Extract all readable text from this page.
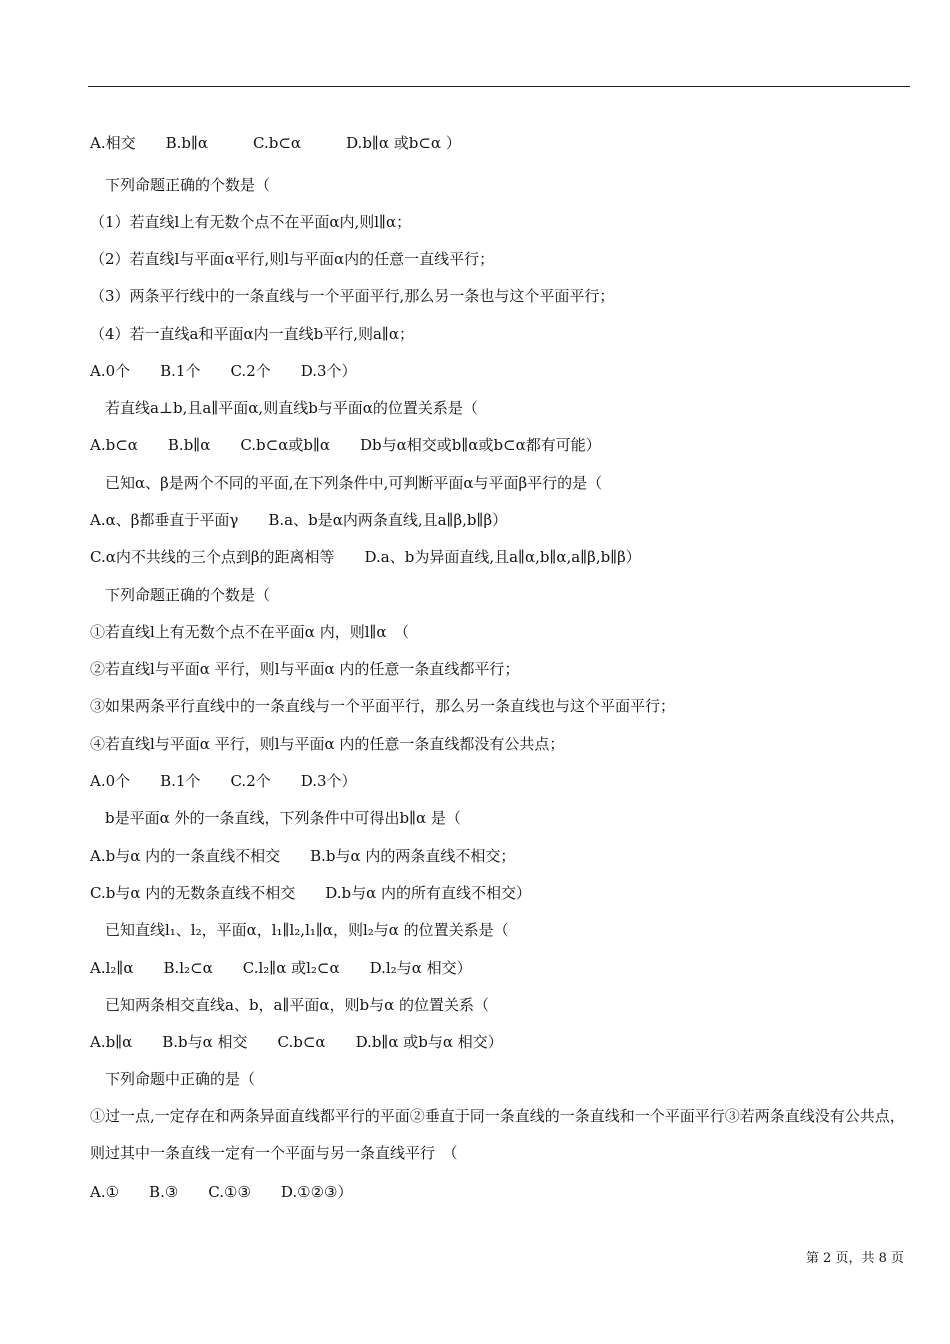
A.相交　　B.b∥α　　　C.b⊂α　　　D.b∥α 或b⊂α ）
　下列命题正确的个数是（
（1）若直线l上有无数个点不在平面α内,则l∥α；
（2）若直线l与平面α平行,则l与平面α内的任意一直线平行；
（3）两条平行线中的一条直线与一个平面平行,那么另一条也与这个平面平行；
（4）若一直线a和平面α内一直线b平行,则a∥α；
A.0个　　B.1个　　C.2个　　D.3个）
　若直线a⊥b,且a∥平面α,则直线b与平面α的位置关系是（
A.b⊂α　　B.b∥α　　C.b⊂α或b∥α　　Db与α相交或b∥α或b⊂α都有可能）
　已知α、β是两个不同的平面,在下列条件中,可判断平面α与平面β平行的是（
A.α、β都垂直于平面γ　　B.a、b是α内两条直线,且a∥β,b∥β）
C.α内不共线的三个点到β的距离相等　　D.a、b为异面直线,且a∥α,b∥α,a∥β,b∥β）
　下列命题正确的个数是（
①若直线l上有无数个点不在平面α 内，则l∥α　（
②若直线l与平面α 平行，则l与平面α 内的任意一条直线都平行；
③如果两条平行直线中的一条直线与一个平面平行，那么另一条直线也与这个平面平行；
④若直线l与平面α 平行，则l与平面α 内的任意一条直线都没有公共点；
A.0个　　B.1个　　C.2个　　D.3个）
　b是平面α 外的一条直线，下列条件中可得出b∥α 是（
A.b与α 内的一条直线不相交　　B.b与α 内的两条直线不相交；
C.b与α 内的无数条直线不相交　　D.b与α 内的所有直线不相交）
　已知直线l₁、l₂，平面α，l₁∥l₂,l₁∥α，则l₂与α 的位置关系是（
A.l₂∥α　　B.l₂⊂α　　C.l₂∥α 或l₂⊂α　　D.l₂与α 相交）
　已知两条相交直线a、b，a∥平面α，则b与α 的位置关系（
A.b∥α　　B.b与α 相交　　C.b⊂α　　D.b∥α 或b与α 相交）
　下列命题中正确的是（
①过一点,一定存在和两条异面直线都平行的平面②垂直于同一条直线的一条直线和一个平面平行③若两条直线没有公共点，则过其中一条直线一定有一个平面与另一条直线平行　（
A.①　　B.③　　C.①③　　D.①②③）
第 2 页，共 8 页
